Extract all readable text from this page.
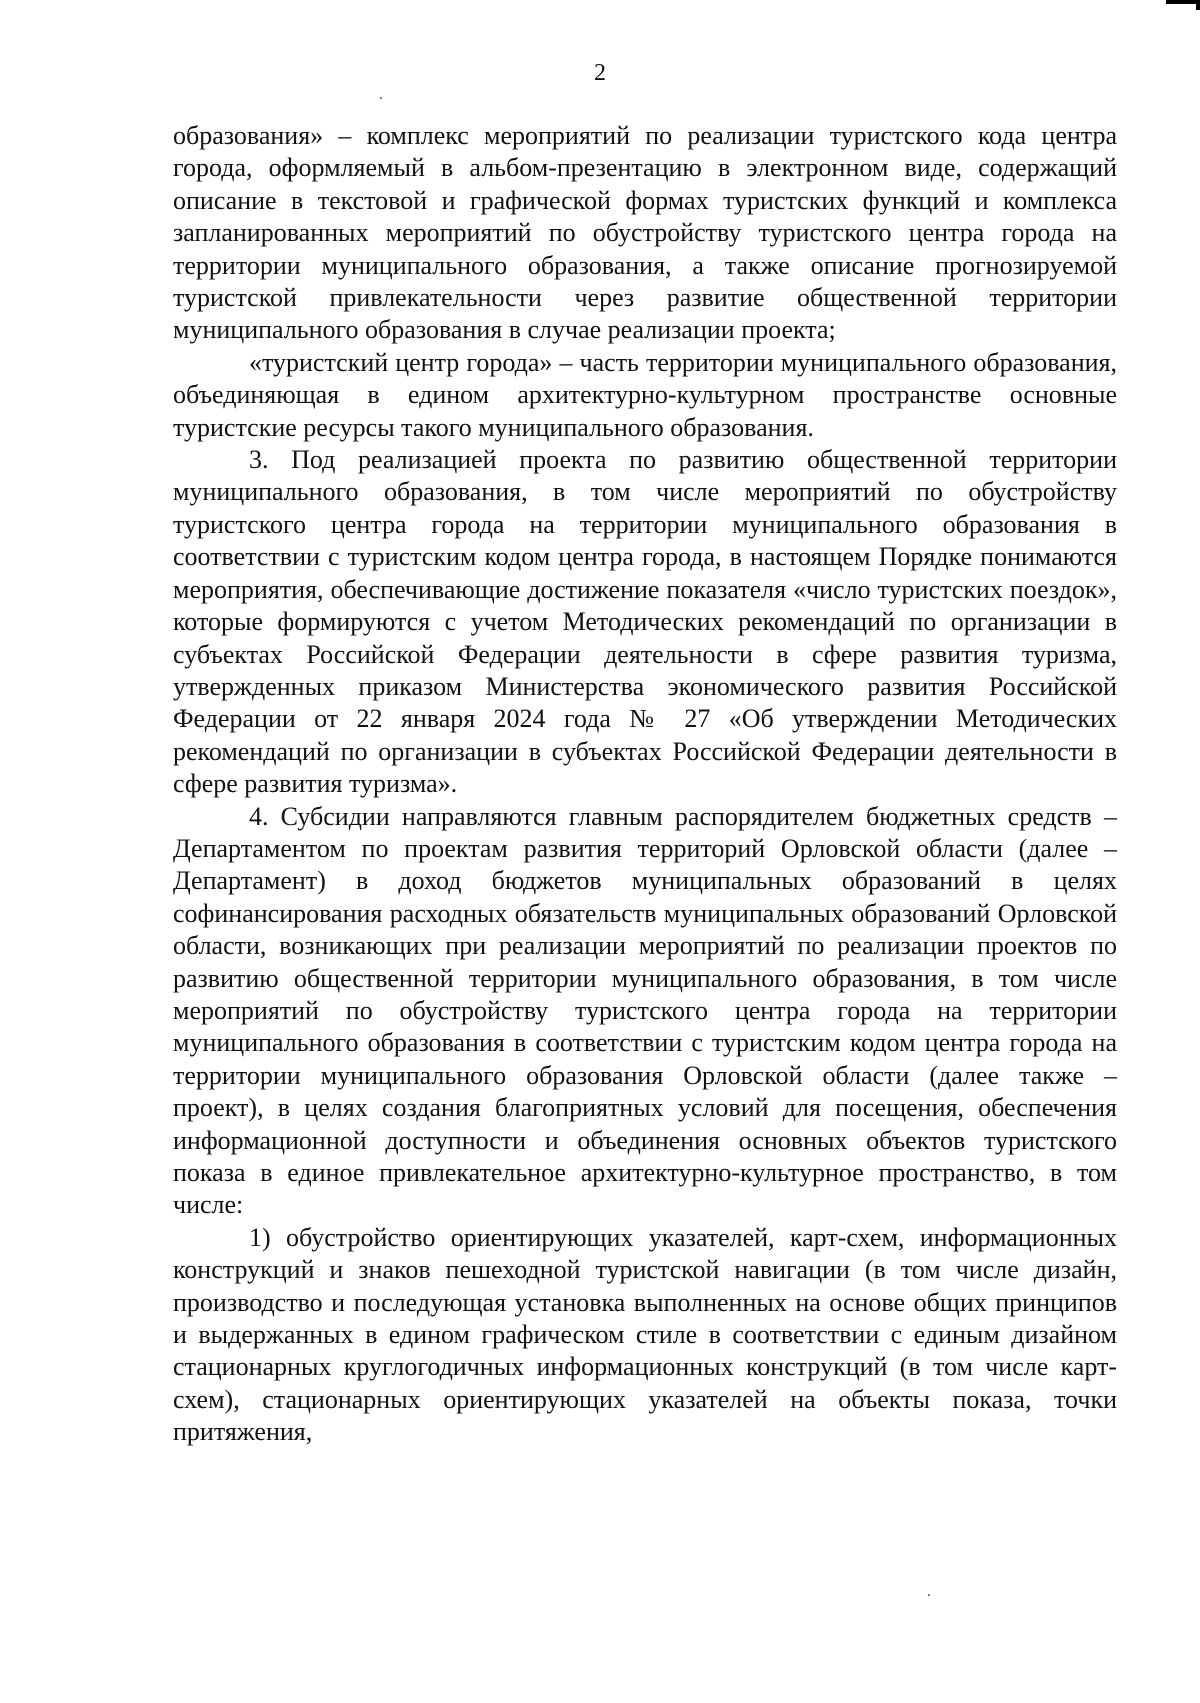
2

образования» – комплекс мероприятий по реализации туристского кода центра города, оформляемый в альбом-презентацию в электронном виде, содержащий описание в текстовой и графической формах туристских функций и комплекса запланированных мероприятий по обустройству туристского центра города на территории муниципального образования, а также описание прогнозируемой туристской привлекательности через развитие общественной территории муниципального образования в случае реализации проекта;

«туристский центр города» – часть территории муниципального образования, объединяющая в едином архитектурно-культурном пространстве основные туристские ресурсы такого муниципального образования.

3. Под реализацией проекта по развитию общественной территории муниципального образования, в том числе мероприятий по обустройству туристского центра города на территории муниципального образования в соответствии с туристским кодом центра города, в настоящем Порядке понимаются мероприятия, обеспечивающие достижение показателя «число туристских поездок», которые формируются с учетом Методических рекомендаций по организации в субъектах Российской Федерации деятельности в сфере развития туризма, утвержденных приказом Министерства экономического развития Российской Федерации от 22 января 2024 года № 27 «Об утверждении Методических рекомендаций по организации в субъектах Российской Федерации деятельности в сфере развития туризма».

4. Субсидии направляются главным распорядителем бюджетных средств – Департаментом по проектам развития территорий Орловской области (далее – Департамент) в доход бюджетов муниципальных образований в целях софинансирования расходных обязательств муниципальных образований Орловской области, возникающих при реализации мероприятий по реализации проектов по развитию общественной территории муниципального образования, в том числе мероприятий по обустройству туристского центра города на территории муниципального образования в соответствии с туристским кодом центра города на территории муниципального образования Орловской области (далее также – проект), в целях создания благоприятных условий для посещения, обеспечения информационной доступности и объединения основных объектов туристского показа в единое привлекательное архитектурно-культурное пространство, в том числе:

1) обустройство ориентирующих указателей, карт-схем, информационных конструкций и знаков пешеходной туристской навигации (в том числе дизайн, производство и последующая установка выполненных на основе общих принципов и выдержанных в едином графическом стиле в соответствии с единым дизайном стационарных круглогодичных информационных конструкций (в том числе карт-схем), стационарных ориентирующих указателей на объекты показа, точки притяжения,
